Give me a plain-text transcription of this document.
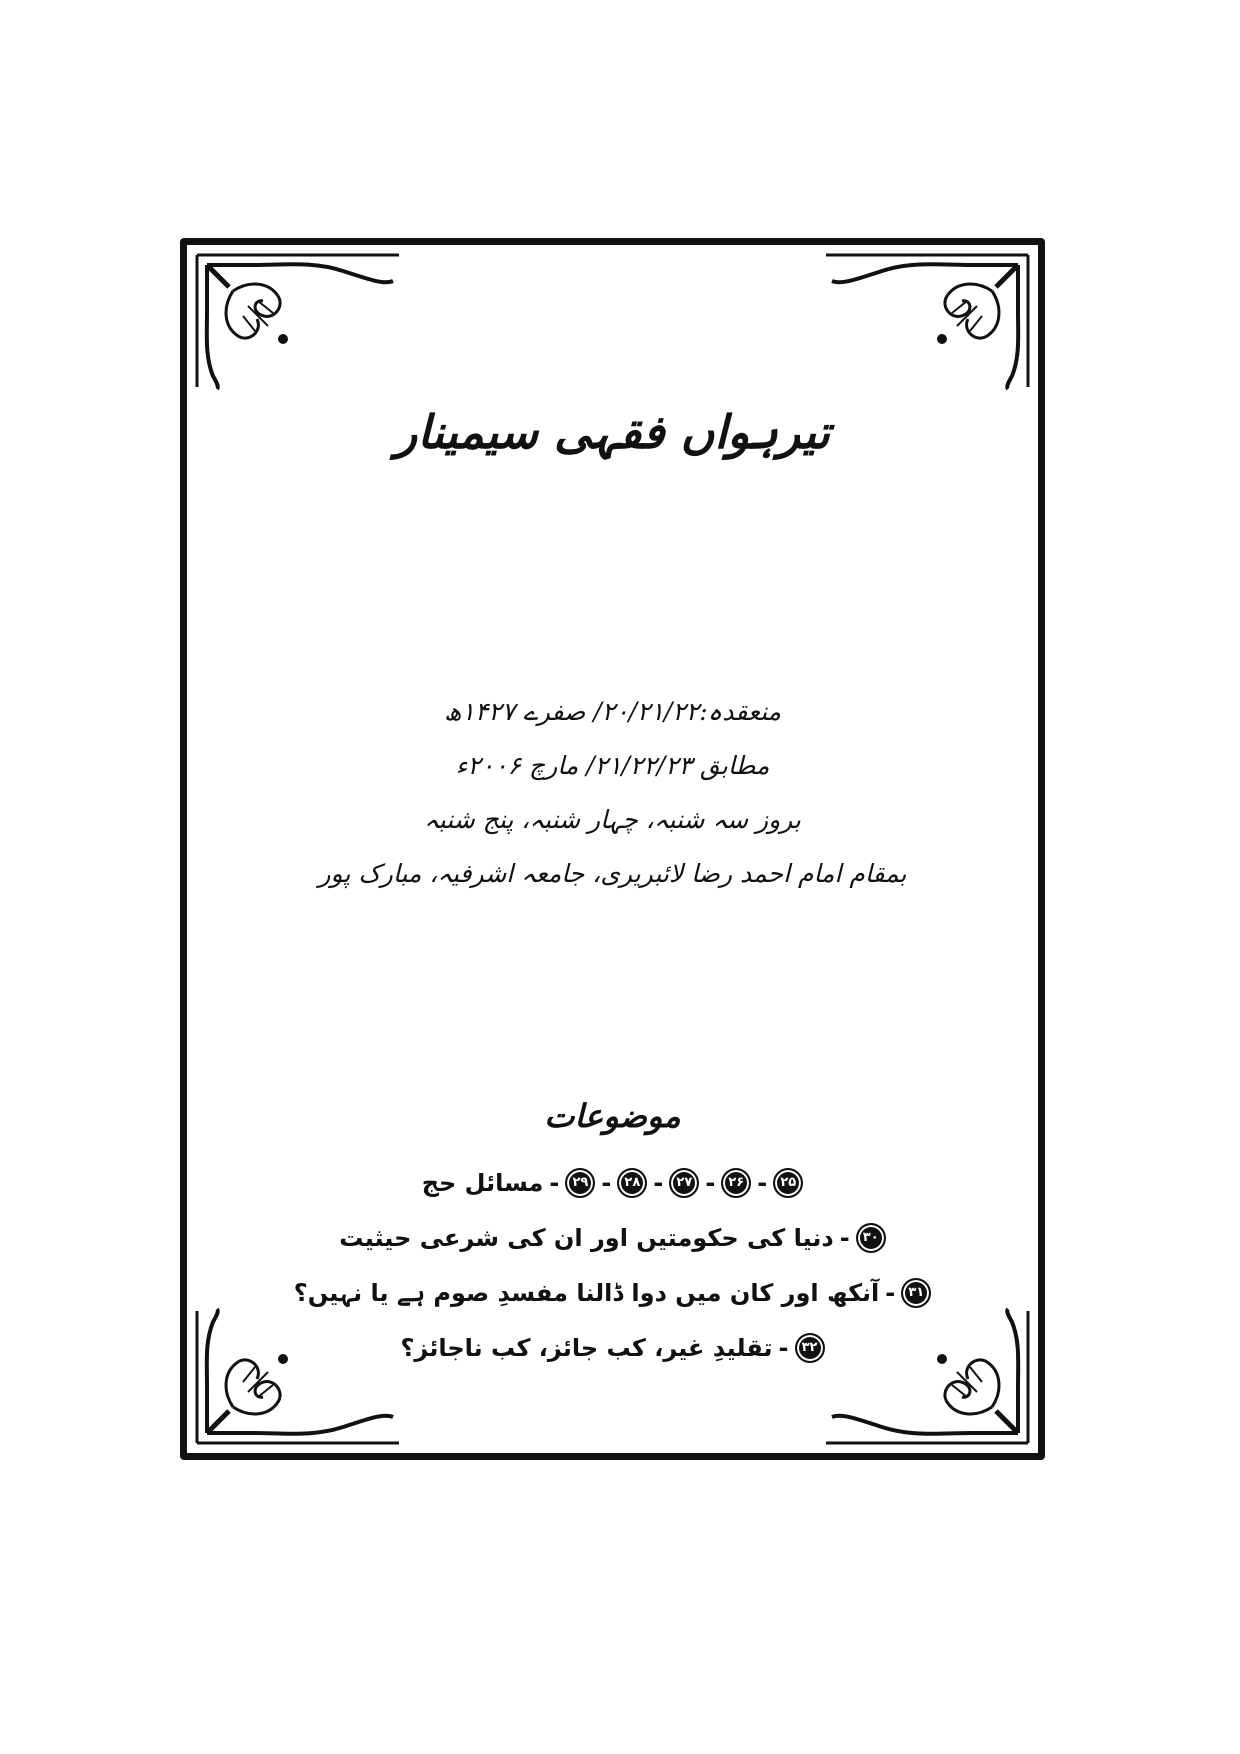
تیرہواں فقہی سیمینار
منعقدہ:۲۰/۲۱/۲۲/ صفرے ۱۴۲۷ھ
مطابق ۲۱/۲۲/۲۳/ مارچ ۲۰۰۶ء
بروز سہ شنبہ، چہار شنبہ، پنج شنبہ
بمقام امام احمد رضا لائبریری، جامعہ اشرفیہ، مبارک پور
موضوعات
۲۵
-
۲۶
-
۲۷
-
۲۸
-
۲۹
-
مسائل حج
۳۰
-
دنیا کی حکومتیں اور ان کی شرعی حیثیت
۳۱
-
آنکھ اور کان میں دوا ڈالنا مفسدِ صوم ہے یا نہیں؟
۳۲
-
تقلیدِ غیر، کب جائز، کب ناجائز؟
